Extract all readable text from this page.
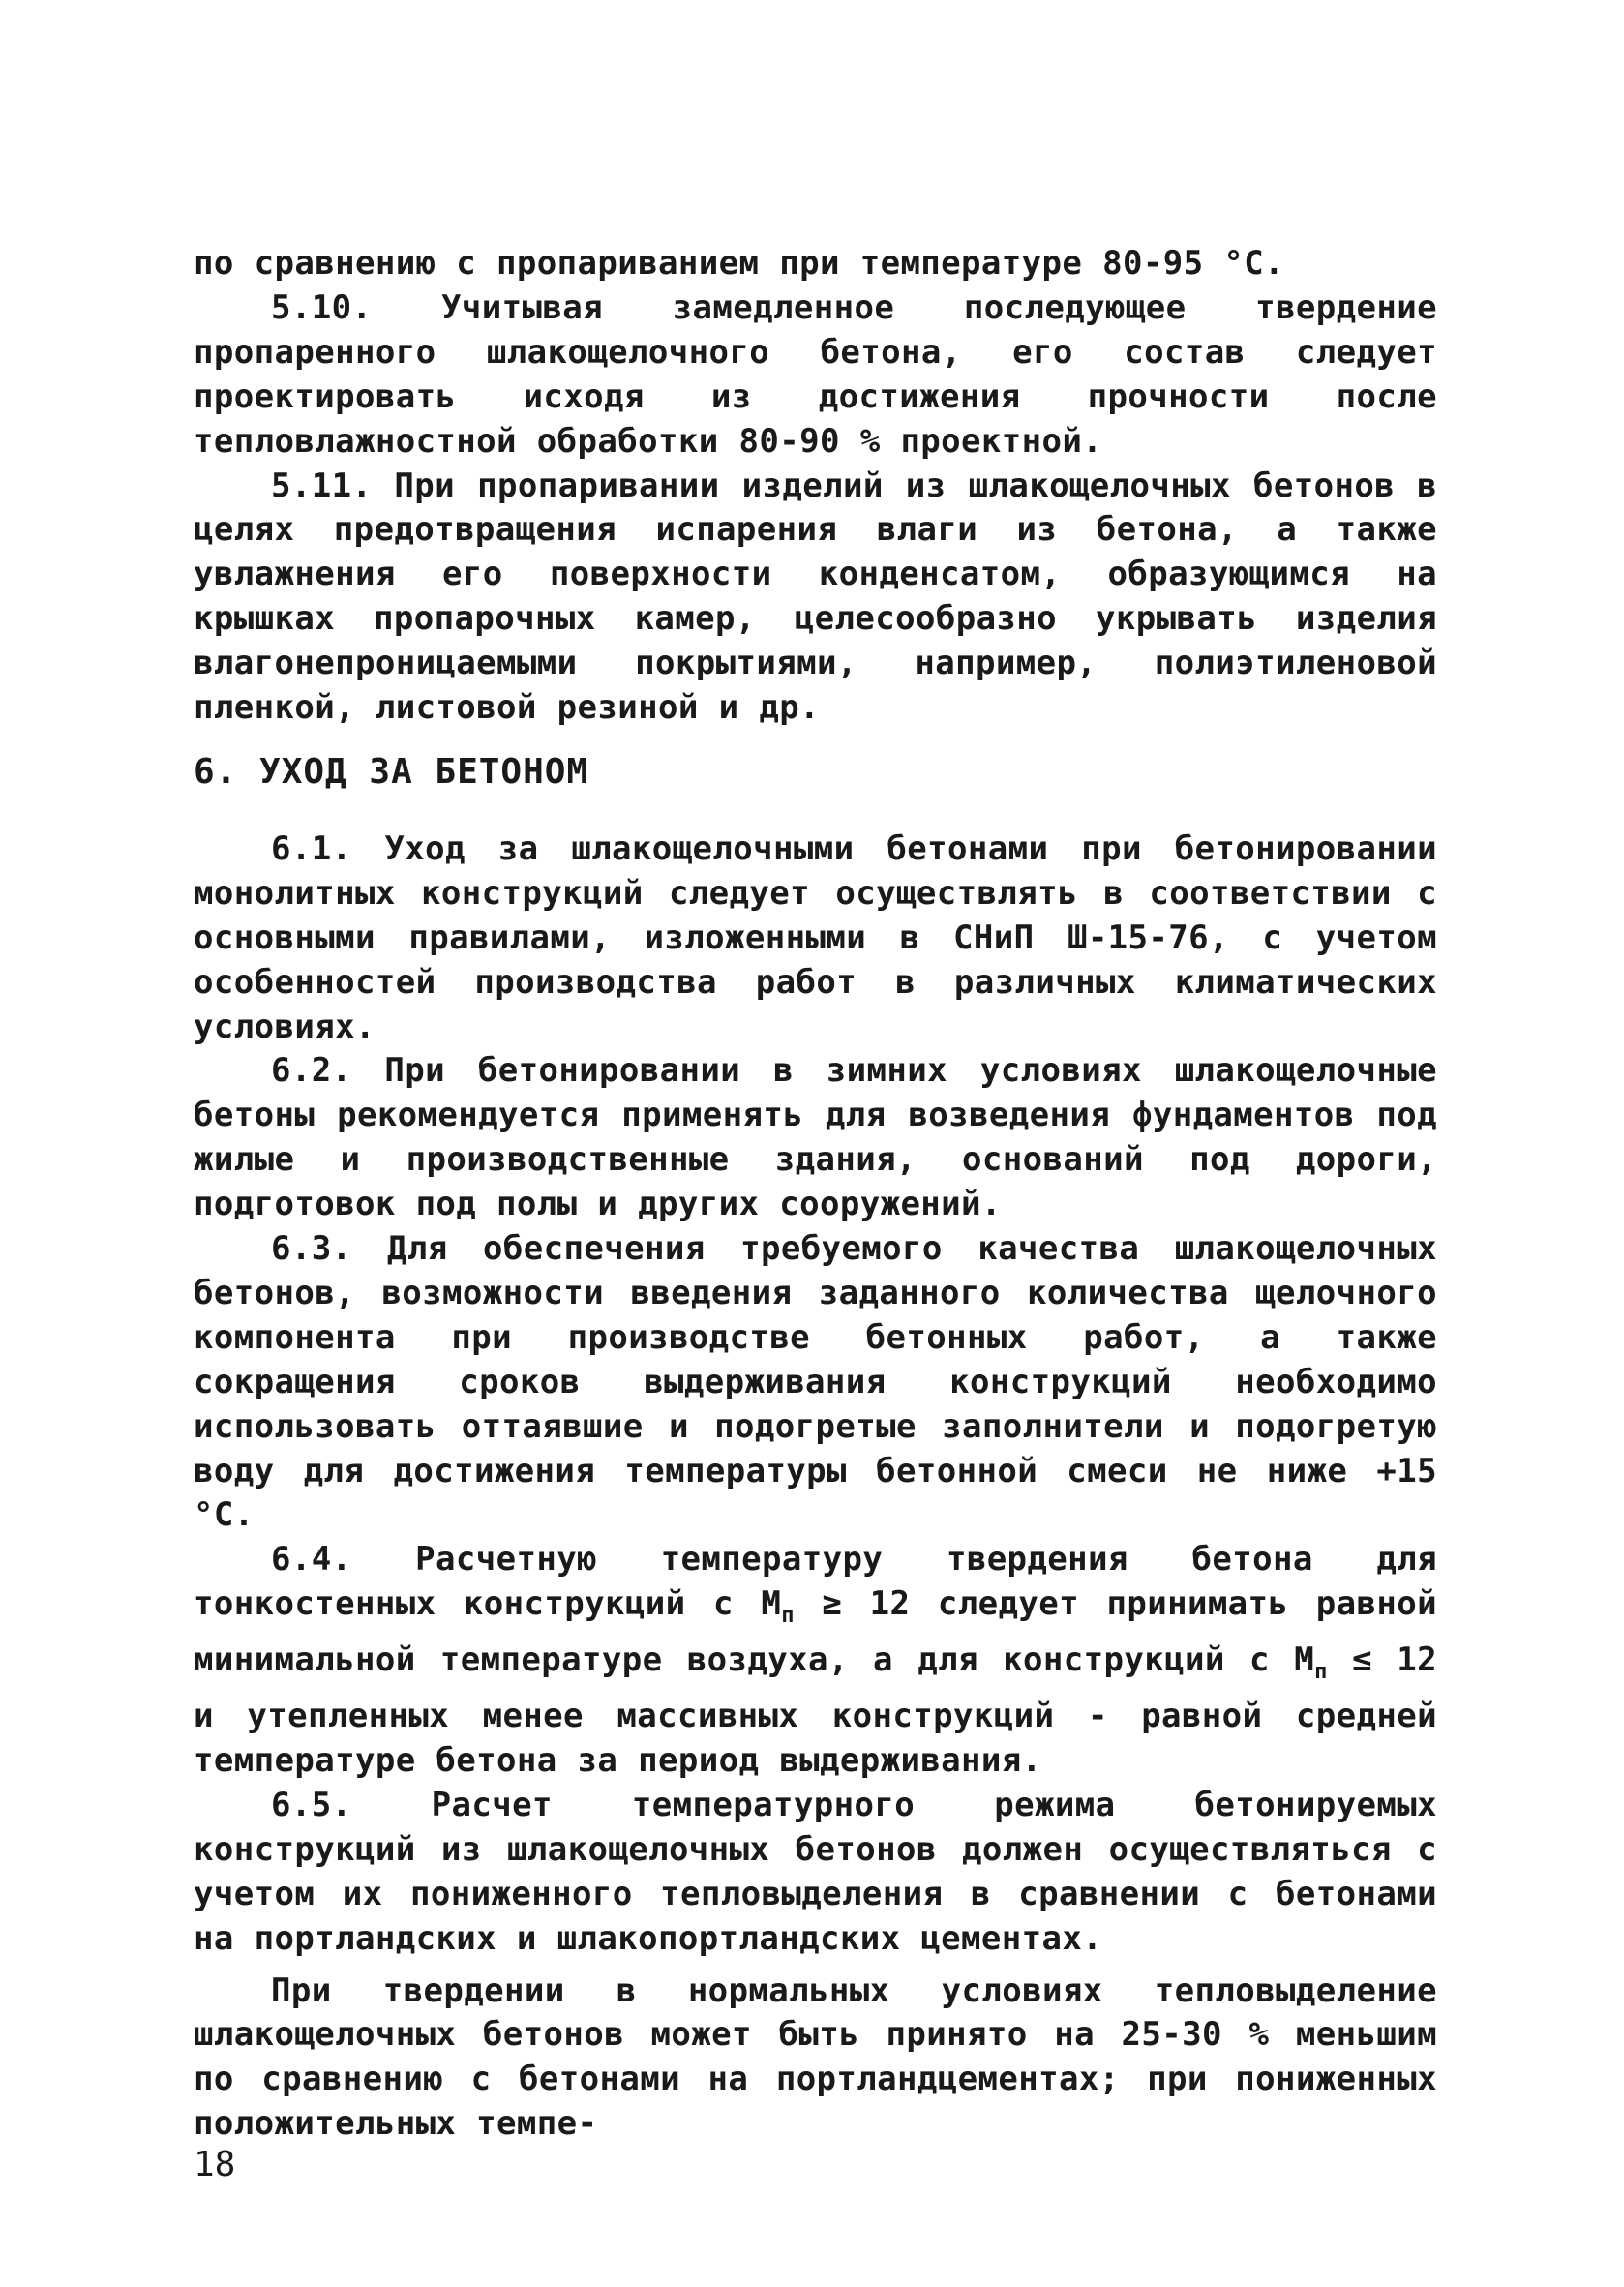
по сравнению с пропариванием при температуре 80-95 °С.

5.10. Учитывая замедленное последующее твердение пропаренного шлакощелочного бетона, его состав следует проектировать исходя из достижения прочности после тепловлажностной обработки 80-90 % проектной.

5.11. При пропаривании изделий из шлакощелочных бетонов в целях предотвращения испарения влаги из бетона, а также увлажнения его поверхности конденсатом, образующимся на крышках пропарочных камер, целесообразно укрывать изделия влагонепроницаемыми покрытиями, например, полиэтиленовой пленкой, листовой резиной и др.

6. УХОД ЗА БЕТОНОМ

6.1. Уход за шлакощелочными бетонами при бетонировании монолитных конструкций следует осуществлять в соответствии с основными правилами, изложенными в СНиП Ш-15-76, с учетом особенностей производства работ в различных климатических условиях.

6.2. При бетонировании в зимних условиях шлакощелочные бетоны рекомендуется применять для возведения фундаментов под жилые и производственные здания, оснований под дороги, подготовок под полы и других сооружений.

6.3. Для обеспечения требуемого качества шлакощелочных бетонов, возможности введения заданного количества щелочного компонента при производстве бетонных работ, а также сокращения сроков выдерживания конструкций необходимо использовать оттаявшие и подогретые заполнители и подогретую воду для достижения температуры бетонной смеси не ниже +15 °С.

6.4. Расчетную температуру твердения бетона для тонкостенных конструкций с $М_п \ge 12$ следует принимать равной минимальной температуре воздуха, а для конструкций с $М_п \le 12$ и утепленных менее массивных конструкций - равной средней температуре бетона за период выдерживания.

6.5. Расчет температурного режима бетонируемых конструкций из шлакощелочных бетонов должен осуществляться с учетом их пониженного тепловыделения в сравнении с бетонами на портландских и шлакопортландских цементах.

При твердении в нормальных условиях тепловыделение шлакощелочных бетонов может быть принято на 25-30 % меньшим по сравнению с бетонами на портландцементах; при пониженных положительных темпе-

18
